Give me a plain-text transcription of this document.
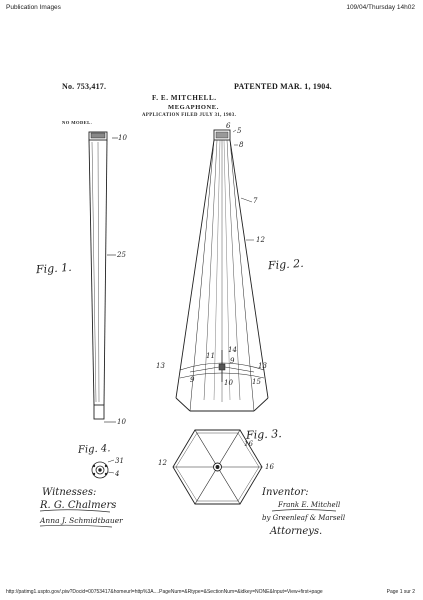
Publication Images	109/04/Thursday 14h02
No. 753,417.	PATENTED MAR. 1, 1904.
F. E. MITCHELL.
MEGAPHONE.
APPLICATION FILED JULY 31, 1903.
NO MODEL.
10
25
10
6
5
8
7
12
11
14
9
13	13
15
9	10
16
16
12
31
4
Fig. 1.	Fig. 2.
Fig. 3.
Fig. 4.
Witnesses:
R. G. Chalmers
Anna J. Schmidtbauer
Inventor:
Frank E. Mitchell
by Greenleaf & Marsell
Attorneys.
http://patimg1.uspto.gov/.piw?Docid=00753417&homeurl=http%3A....PageNum=&Rtype=&SectionNum=&idkey=NONE&Input=View+first+page	Page 1 sur 2
